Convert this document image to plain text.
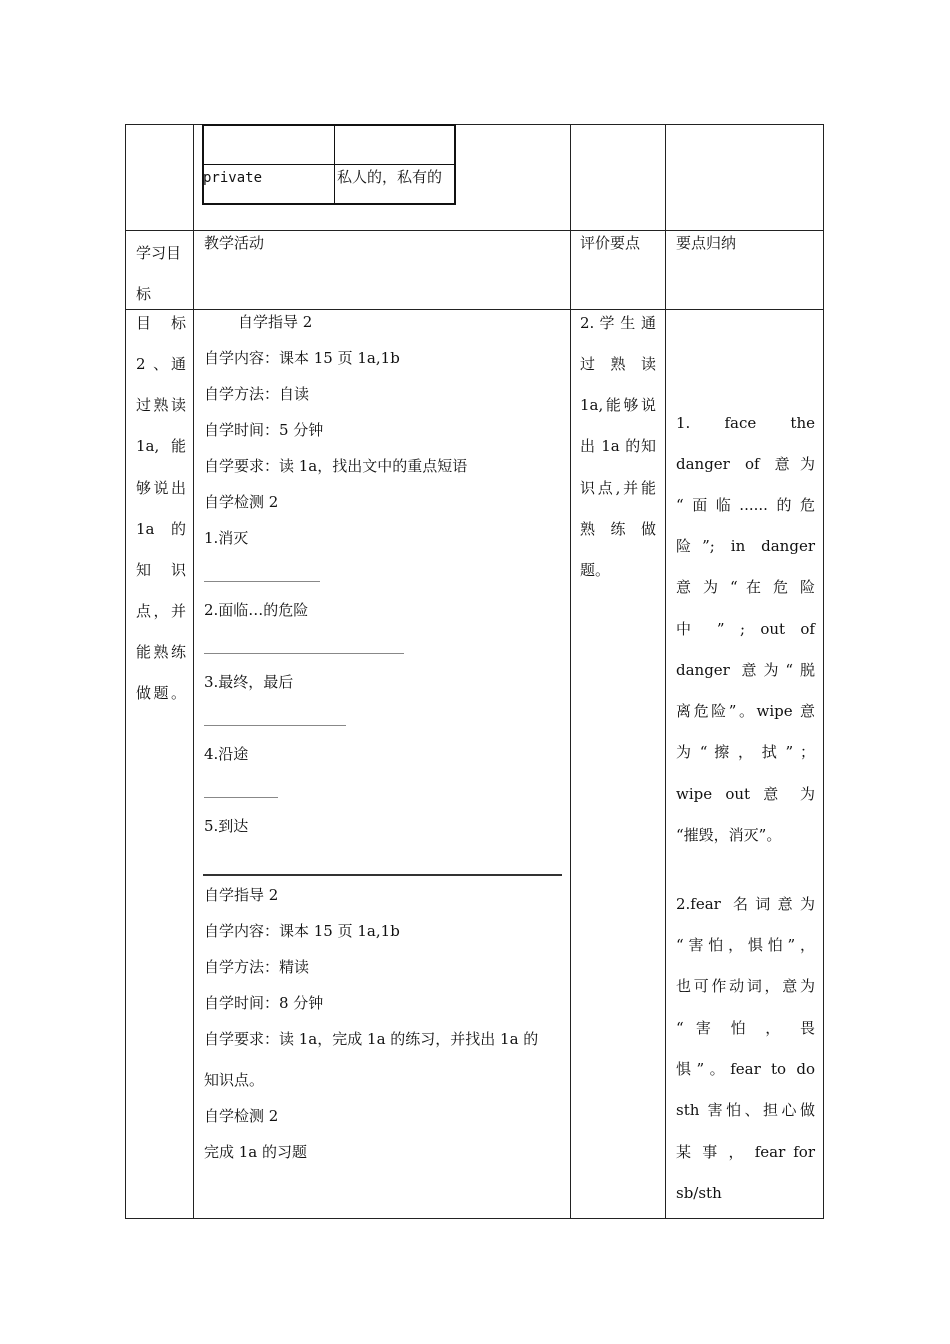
private	私人的，私有的
学习目标
教学活动	评价要点 要点归纳
目 标
2 、通
过熟读
1a, 能
够说出
1a 的
知 识
点，并
能熟练
做题。
自学指导 2
自学内容：课本 15 页 1a,1b
自学方法：自读
自学时间：5 分钟
自学要求：读 1a，找出文中的重点短语
自学检测 2
1.消灭
2.面临…的危险
3.最终，最后
4.沿途
5.到达
自学指导 2
自学内容：课本 15 页 1a,1b
自学方法：精读
自学时间：8 分钟
自学要求：读 1a，完成 1a 的练习，并找出 1a 的
知识点。
自学检测 2
完成 1a 的习题
2. 学 生 通
过 熟 读
1a,能够说
出 1a 的知
识点,并能
熟 练 做
题。
1. face the
danger of 意为
“面临......的危
险”; in danger
意 为 “ 在 危 险
中 ” ; out of
danger 意为“脱
离危险”。wipe 意
为 “ 擦 ， 拭 ” ；
wipe out 意 为
“摧毁，消灭”。
2.fear 名词意为
“害怕，惧怕”，
也可作动词，意为
“ 害 怕 ， 畏
惧”。fear to do
sth 害怕、担心做
某 事 ， fear for
sb/sth
